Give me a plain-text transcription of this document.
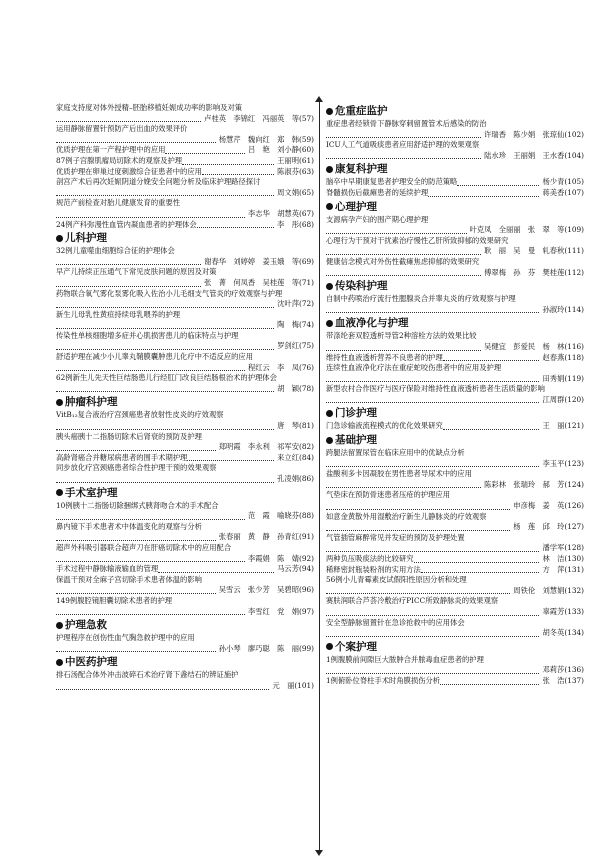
家庭支持度对体外授精–胚胎移植妊娠成功率的影响及对策
卢桂英　李锦红　冯丽英　等 (57)
运用静脉留置针预防产后出血的效果评价
杨慧芹　魏向红　郑　韩 (59)
优质护理在第一产程护理中的应用	吕　艳　刘小静 (60)
87例子宫腺肌瘤局切除术的观察及护理	王丽明 (61)
优质护理在卵巢过度刺激综合征患者中的应用	陈淑芬 (63)
剖宫产术后再次妊娠阴道分娩安全问题分析及临床护理路径探讨
周文娟 (65)
规范产前检查对胎儿健康发育的重要性
李志华　胡慧英 (67)
24例产科弥漫性血管内凝血患者的护理体会	李　彤 (68)
儿科护理
32例儿童噬血细胞综合征的护理体会
谢春华　刘婷婷　姜玉娥　等 (69)
早产儿持续正压通气下常见皮肤问题的原因及对策
张　菁　何凤香　吴桂莲　等 (71)
药物联合氧气雾化泵雾化吸入佐治小儿毛细支气管炎的疗效观察与护理
沈叶萍 (72)
新生儿母乳性黄疸持续母乳喂养的护理
陶　梅 (74)
传染性单核细胞增多症并心肌损害患儿的临床特点与护理
罗剑红 (75)
舒适护理在减少小儿睾丸鞘膜囊肿患儿化疗中不适反应的应用
程红云　李　凤 (76)
62例新生儿先天性巨结肠患儿行经肛门改良巨结肠根治术的护理体会
胡　颖 (78)
肿瘤科护理
VitB₁₂复合液治疗宫颈癌患者放射性皮炎的疗效观察
唐　琴 (81)
胰头癌胰十二指肠切除术后肾衰的预防及护理
郑明霞　李永利　祁军安 (82)
高龄肾癌合并糖尿病患者的围手术期护理	来立红 (84)
同步放化疗宫颈癌患者综合性护理干预的效果观察
孔凌娟 (86)
手术室护理
10例胰十二指肠切除捆绑式胰肾吻合术的手术配合
范　霞　喻晓芬 (88)
鼻内镜下手术患者术中体温变化的观察与分析
张春丽　黄　静　孙青红 (91)
超声外科吸引器联合超声刀在肝癌切除术中的应用配合
李霞娟　陈　婧 (92)
手术过程中静脉输液输血的管理	马云芳 (94)
保温干预对全麻子宫切除手术患者体温的影响
吴雪云　张少芳　吴碧昭 (96)
149例腹腔镜胆囊切除术患者的护理
李雪红　党　娟 (97)
护理急救
护理程序在创伤性血气胸急救护理中的应用
孙小琴　廖巧聪　陈　丽 (99)
中医药护理
排石汤配合体外冲击波碎石术治疗肾下盏结石的辨证施护
元　丽 (101)
危重症监护
重症患者经锁骨下静脉穿刺留置管术后感染的防治
许瑞香　陈少娟　张琼仙 (102)
ICU人工气道吸痰患者应用舒适护理的效果观察
陆水珍　王丽娟　王水香 (104)
康复科护理
脑卒中早期康复患者护理安全的防范策略	杨少青 (105)
脊髓损伤后截瘫患者的延续护理	蒋美香 (107)
心理护理
支源病孕产妇的围产期心理护理
叶克凤　全丽丽　张　翠　等 (109)
心理行为干预对干扰素治疗慢性乙肝所致抑郁的效果研究
耿　丽　吴　曼　轧春秋 (111)
健康信念模式对外伤性截瘫焦虑抑郁的效果研究
傅翠梅　孙　芬　樊桂莲 (112)
传染科护理
自制中药喷治疗流行性腮腺炎合并睾丸炎的疗效观察与护理
孙淑玲 (114)
血液净化与护理
带涤纶套双腔透析导管2种溶栓方法的效果比较
吴健宜　彭爱民　杨　林 (116)
维持性血液透析营养不良患者的护理	赵春燕 (118)
连续性血液净化疗法在重症蛇咬伤患者中的应用及护理
田秀娟 (119)
新型农村合作医疗与医疗保险对维持性血液透析患者生活质量的影响
江周群 (120)
门诊护理
门急诊输液流程模式的优化效果研究	王　丽 (121)
基础护理
跨腿法留置尿管在临床应用中的优缺点分析
李玉平 (123)
盐酸利多卡因凝胶在男性患者导尿术中的应用
陈彩林　张瑞玲　郝　芳 (124)
气垫床在预防骨迷患者压疮的护理应用
申彦梅　姜　英 (126)
如意金黄散外用湿敷治疗新生儿静脉炎的疗效观察
杨　莲　邱　玲 (127)
气管插管麻醉常见并发症的预防及护理处置
潘学军 (128)
两种负压吸痰法的比较研究	林　洁 (130)
稀释密封瓶装粉剂的实用方法	方　萍 (131)
56例小儿青霉素皮试假阳性原因分析和处理
周铁伦　刘慧娟 (132)
赛肤润联合芦荟冷敷治疗PICC所致静脉炎的效果观察
辜霞芳 (133)
安全型静脉留置针在急诊抢救中的应用体会
胡冬英 (134)
个案护理
1例腹膜前间隙巨大脓肿合并脓毒血症患者的护理
邓莉莎 (136)
1例俯卧位脊柱手术时角膜损伤分析	张　浩 (137)
